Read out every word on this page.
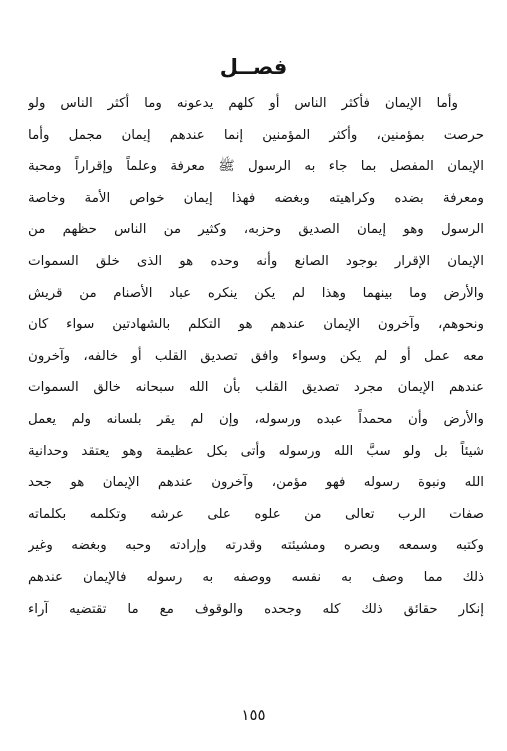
فصــل
وأما الإيمان فأكثر الناس أو كلهم يدعونه وما أكثر الناس ولو
حرصت بمؤمنين، وأكثر المؤمنين إنما عندهم إيمان مجمل وأما
الإيمان المفصل بما جاء به الرسول ﷺ معرفة وعلماً وإقراراً ومحبة
ومعرفة بضده وكراهيته وبغضه فهذا إيمان خواص الأمة وخاصة
الرسول وهو إيمان الصديق وحزبه، وكثير من الناس حظهم من
الإيمان الإقرار بوجود الصانع وأنه وحده هو الذى خلق السموات
والأرض وما بينهما وهذا لم يكن ينكره عباد الأصنام من قريش
ونحوهم، وآخرون الإيمان عندهم هو التكلم بالشهادتين سواء كان
معه عمل أو لم يكن وسواء وافق تصديق القلب أو خالفه، وآخرون
عندهم الإيمان مجرد تصديق القلب بأن الله سبحانه خالق السموات
والأرض وأن محمداً عبده ورسوله، وإن لم يقر بلسانه ولم يعمل
شيئاً بل ولو سبَّ الله ورسوله وأتى بكل عظيمة وهو يعتقد وحدانية
الله ونبوة رسوله فهو مؤمن، وآخرون عندهم الإيمان هو جحد
صفات الرب تعالى من علوه على عرشه وتكلمه بكلماته
وكتبه وسمعه وبصره ومشيئته وقدرته وإرادته وحبه وبغضه وغير
ذلك مما وصف به نفسه ووصفه به رسوله فالإيمان عندهم
إنكار حقائق ذلك كله وجحده والوقوف مع ما تقتضيه آراء
١٥٥
